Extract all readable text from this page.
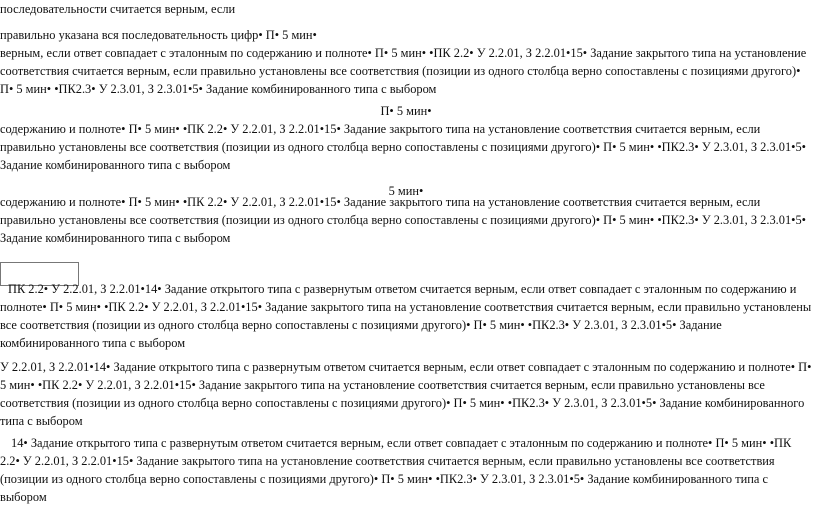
последовательности считается верным, если

правильно указана вся последовательность цифр• П• 5 мин•
верным, если ответ совпадает с эталонным по содержанию и полноте• П• 5 мин• •ПК 2.2• У 2.2.01, З 2.2.01•15• Задание закрытого типа на установление соответствия считается верным, если правильно установлены все соответствия (позиции из одного столбца верно сопоставлены с позициями другого)• П• 5 мин• •ПК2.3• У 2.3.01, З 2.3.01•5• Задание комбинированного типа с выбором

П• 5 мин•

содержанию и полноте• П• 5 мин• •ПК 2.2• У 2.2.01, З 2.2.01•15• Задание закрытого типа на установление соответствия считается верным, если правильно установлены все соответствия (позиции из одного столбца верно сопоставлены с позициями другого)• П• 5 мин• •ПК2.3• У 2.3.01, З 2.3.01•5• Задание комбинированного типа с выбором

5 мин•

содержанию и полноте• П• 5 мин• •ПК 2.2• У 2.2.01, З 2.2.01•15• Задание закрытого типа на установление соответствия считается верным, если правильно установлены все соответствия (позиции из одного столбца верно сопоставлены с позициями другого)• П• 5 мин• •ПК2.3• У 2.3.01, З 2.3.01•5• Задание комбинированного типа с выбором

ПК 2.2• У 2.2.01, З 2.2.01•14• Задание открытого типа с развернутым ответом считается верным, если ответ совпадает с эталонным по содержанию и полноте• П• 5 мин• •ПК 2.2• У 2.2.01, З 2.2.01•15• Задание закрытого типа на установление соответствия считается верным, если правильно установлены все соответствия (позиции из одного столбца верно сопоставлены с позициями другого)• П• 5 мин• •ПК2.3• У 2.3.01, З 2.3.01•5• Задание комбинированного типа с выбором

У 2.2.01, З 2.2.01•14• Задание открытого типа с развернутым ответом считается верным, если ответ совпадает с эталонным по содержанию и полноте• П• 5 мин• •ПК 2.2• У 2.2.01, З 2.2.01•15• Задание закрытого типа на установление соответствия считается верным, если правильно установлены все соответствия (позиции из одного столбца верно сопоставлены с позициями другого)• П• 5 мин• •ПК2.3• У 2.3.01, З 2.3.01•5• Задание комбинированного типа с выбором

14• Задание открытого типа с развернутым ответом считается верным, если ответ совпадает с эталонным по содержанию и полноте• П• 5 мин• •ПК 2.2• У 2.2.01, З 2.2.01•15• Задание закрытого типа на установление соответствия считается верным, если правильно установлены все соответствия (позиции из одного столбца верно сопоставлены с позициями другого)• П• 5 мин• •ПК2.3• У 2.3.01, З 2.3.01•5• Задание комбинированного типа с выбором
